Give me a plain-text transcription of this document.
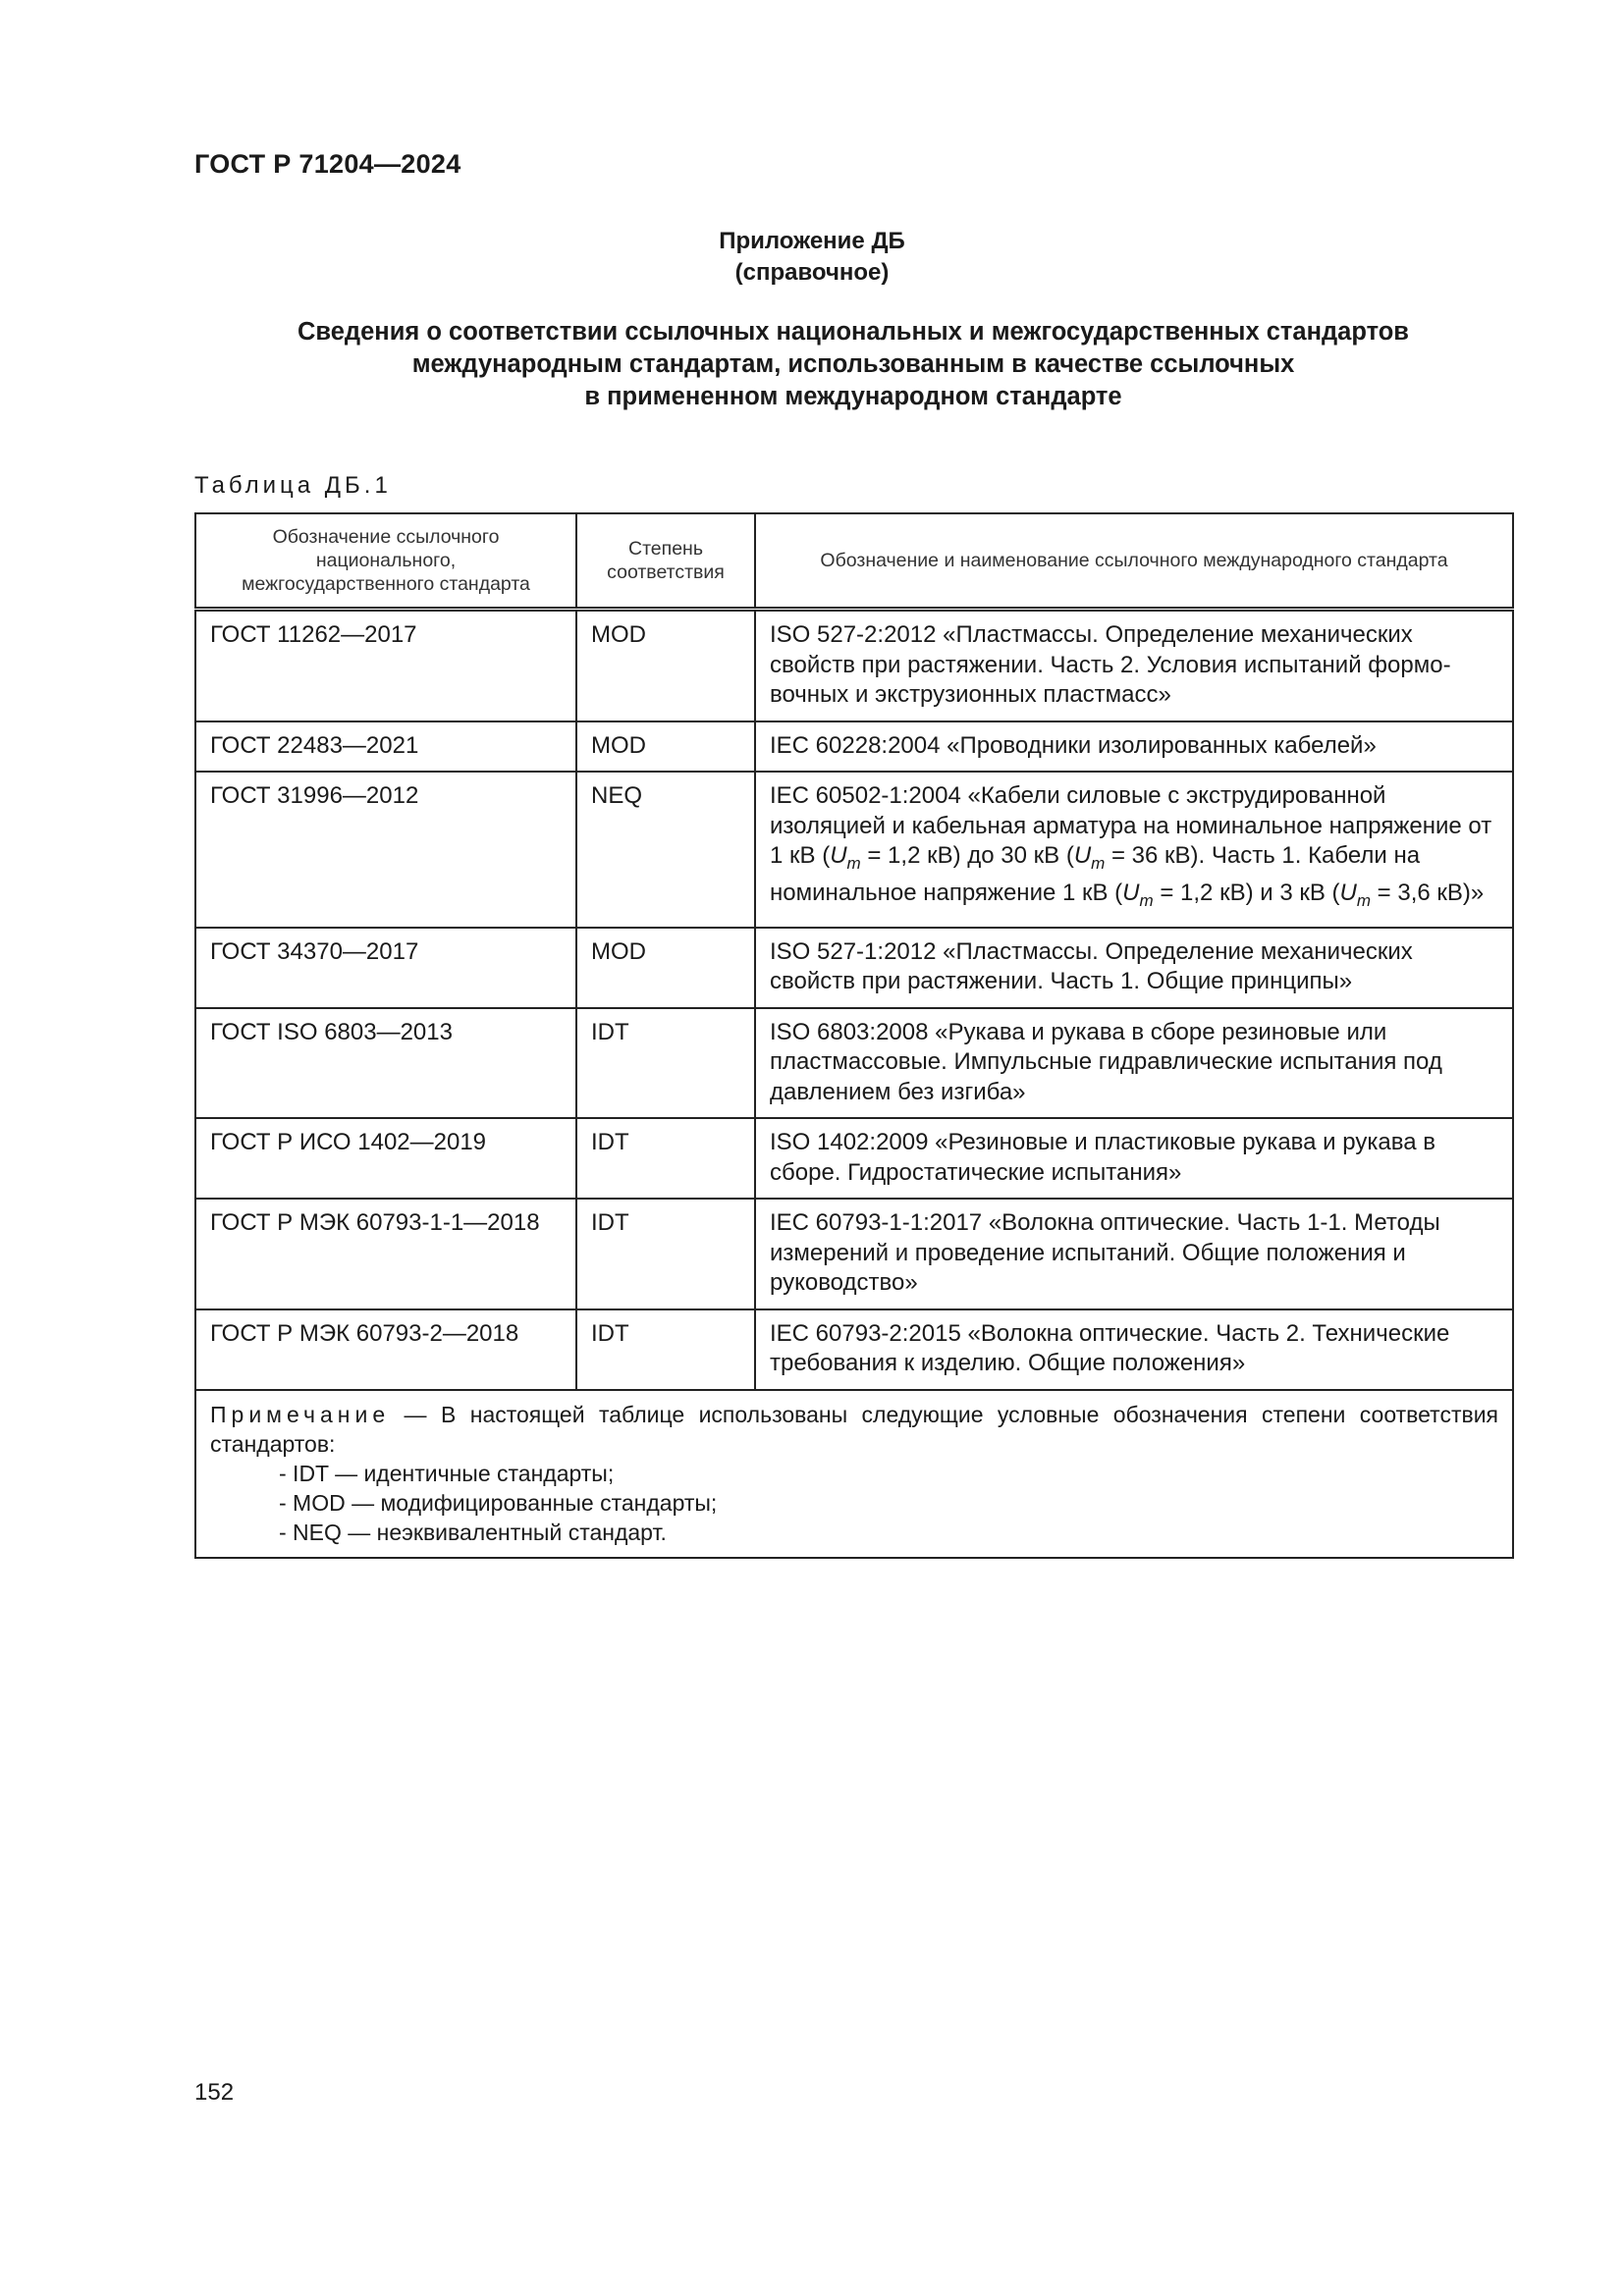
ГОСТ Р 71204—2024
Приложение ДБ
(справочное)
Сведения о соответствии ссылочных национальных и межгосударственных стандартов
международным стандартам, использованным в качестве ссылочных
в примененном международном стандарте
Таблица ДБ.1
Обозначение ссылочного национального, межгосударственного стандарта	Степень соответствия	Обозначение и наименование ссылочного международного стандарта
ГОСТ 11262—2017	MOD	ISO 527-2:2012 «Пластмассы. Определение механических свойств при растяжении. Часть 2. Условия испытаний формо-вочных и экструзионных пластмасс»
ГОСТ 22483—2021	MOD	IEC 60228:2004 «Проводники изолированных кабелей»
ГОСТ 31996—2012	NEQ	IEC 60502-1:2004 «Кабели силовые с экструдированной изоляцией и кабельная арматура на номинальное напряжение от 1 кВ ($U_m = 1,2$ кВ) до 30 кВ ($U_m = 36$ кВ). Часть 1. Кабели на номинальное напряжение 1 кВ ($U_m = 1,2$ кВ) и 3 кВ ($U_m = 3,6$ кВ)»
ГОСТ 34370—2017	MOD	ISO 527-1:2012 «Пластмассы. Определение механических свойств при растяжении. Часть 1. Общие принципы»
ГОСТ ISO 6803—2013	IDT	ISO 6803:2008 «Рукава и рукава в сборе резиновые или пластмассовые. Импульсные гидравлические испытания под давлением без изгиба»
ГОСТ Р ИСО 1402—2019	IDT	ISO 1402:2009 «Резиновые и пластиковые рукава и рукава в сборе. Гидростатические испытания»
ГОСТ Р МЭК 60793-1-1—2018	IDT	IEC 60793-1-1:2017 «Волокна оптические. Часть 1-1. Методы измерений и проведение испытаний. Общие положения и руководство»
ГОСТ Р МЭК 60793-2—2018	IDT	IEC 60793-2:2015 «Волокна оптические. Часть 2. Технические требования к изделию. Общие положения»

Примечание — В настоящей таблице использованы следующие условные обозначения степени соответствия стандартов:
- IDT — идентичные стандарты;
- MOD — модифицированные стандарты;
- NEQ — неэквивалентный стандарт.		
152
